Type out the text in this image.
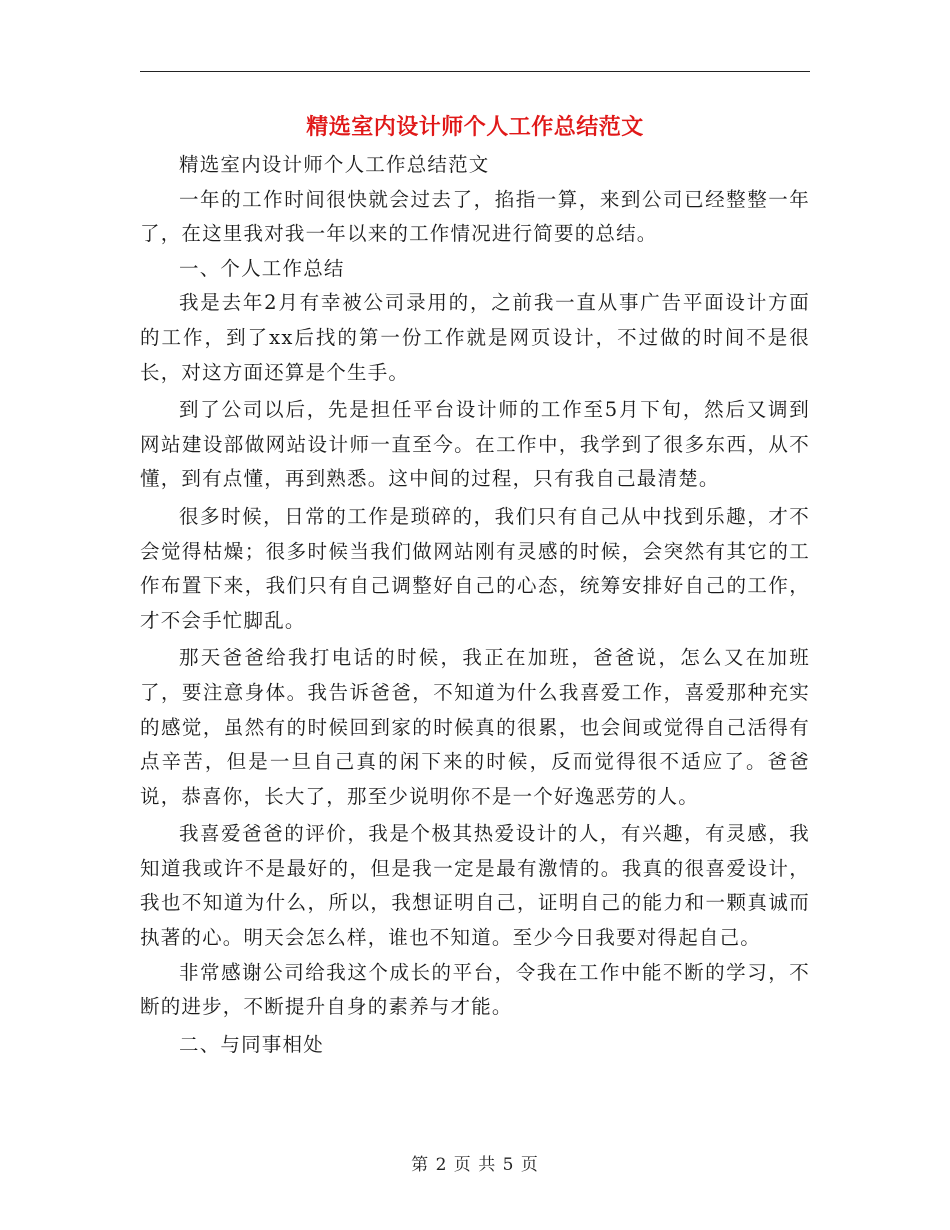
精选室内设计师个人工作总结范文

精选室内设计师个人工作总结范文

一年的工作时间很快就会过去了，掐指一算，来到公司已经整整一年了，在这里我对我一年以来的工作情况进行简要的总结。

一、个人工作总结

我是去年2月有幸被公司录用的，之前我一直从事广告平面设计方面的工作，到了xx后找的第一份工作就是网页设计，不过做的时间不是很长，对这方面还算是个生手。

到了公司以后，先是担任平台设计师的工作至5月下旬，然后又调到网站建设部做网站设计师一直至今。在工作中，我学到了很多东西，从不懂，到有点懂，再到熟悉。这中间的过程，只有我自己最清楚。

很多时候，日常的工作是琐碎的，我们只有自己从中找到乐趣，才不会觉得枯燥；很多时候当我们做网站刚有灵感的时候，会突然有其它的工作布置下来，我们只有自己调整好自己的心态，统筹安排好自己的工作，才不会手忙脚乱。

那天爸爸给我打电话的时候，我正在加班，爸爸说，怎么又在加班了，要注意身体。我告诉爸爸，不知道为什么我喜爱工作，喜爱那种充实的感觉，虽然有的时候回到家的时候真的很累，也会间或觉得自己活得有点辛苦，但是一旦自己真的闲下来的时候，反而觉得很不适应了。爸爸说，恭喜你，长大了，那至少说明你不是一个好逸恶劳的人。

我喜爱爸爸的评价，我是个极其热爱设计的人，有兴趣，有灵感，我知道我或许不是最好的，但是我一定是最有激情的。我真的很喜爱设计，我也不知道为什么，所以，我想证明自己，证明自己的能力和一颗真诚而执著的心。明天会怎么样，谁也不知道。至少今日我要对得起自己。

非常感谢公司给我这个成长的平台，令我在工作中能不断的学习，不断的进步，不断提升自身的素养与才能。

二、与同事相处

第 2 页 共 5 页
